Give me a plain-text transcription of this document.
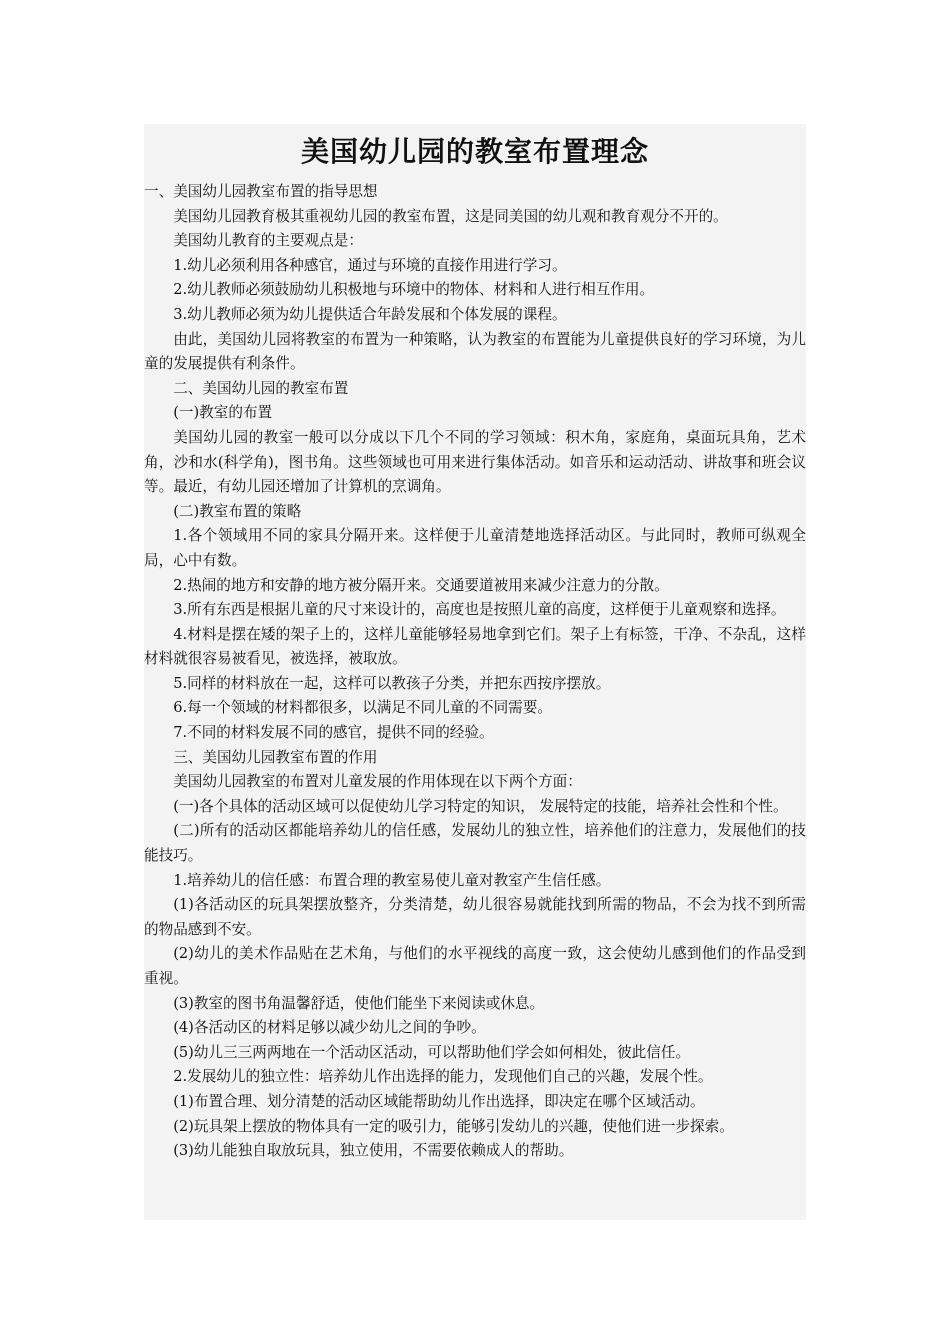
美国幼儿园的教室布置理念

一、美国幼儿园教室布置的指导思想

美国幼儿园教育极其重视幼儿园的教室布置，这是同美国的幼儿观和教育观分不开的。

美国幼儿教育的主要观点是：

1.幼儿必须利用各种感官，通过与环境的直接作用进行学习。

2.幼儿教师必须鼓励幼儿积极地与环境中的物体、材料和人进行相互作用。

3.幼儿教师必须为幼儿提供适合年龄发展和个体发展的课程。

由此，美国幼儿园将教室的布置为一种策略，认为教室的布置能为儿童提供良好的学习环境，为儿童的发展提供有利条件。

二、美国幼儿园的教室布置

(一)教室的布置

美国幼儿园的教室一般可以分成以下几个不同的学习领域：积木角，家庭角，桌面玩具角，艺术角，沙和水(科学角)，图书角。这些领域也可用来进行集体活动。如音乐和运动活动、讲故事和班会议等。最近，有幼儿园还增加了计算机的烹调角。

(二)教室布置的策略

1.各个领域用不同的家具分隔开来。这样便于儿童清楚地选择活动区。与此同时，教师可纵观全局，心中有数。

2.热闹的地方和安静的地方被分隔开来。交通要道被用来减少注意力的分散。

3.所有东西是根据儿童的尺寸来设计的，高度也是按照儿童的高度，这样便于儿童观察和选择。

4.材料是摆在矮的架子上的，这样儿童能够轻易地拿到它们。架子上有标签，干净、不杂乱，这样材料就很容易被看见，被选择，被取放。

5.同样的材料放在一起，这样可以教孩子分类，并把东西按序摆放。

6.每一个领域的材料都很多，以满足不同儿童的不同需要。

7.不同的材料发展不同的感官，提供不同的经验。

三、美国幼儿园教室布置的作用

美国幼儿园教室的布置对儿童发展的作用体现在以下两个方面：

(一)各个具体的活动区域可以促使幼儿学习特定的知识， 发展特定的技能，培养社会性和个性。

(二)所有的活动区都能培养幼儿的信任感，发展幼儿的独立性，培养他们的注意力，发展他们的技能技巧。

1.培养幼儿的信任感：布置合理的教室易使儿童对教室产生信任感。

(1)各活动区的玩具架摆放整齐，分类清楚，幼儿很容易就能找到所需的物品，不会为找不到所需的物品感到不安。

(2)幼儿的美术作品贴在艺术角，与他们的水平视线的高度一致，这会使幼儿感到他们的作品受到重视。

(3)教室的图书角温馨舒适，使他们能坐下来阅读或休息。

(4)各活动区的材料足够以减少幼儿之间的争吵。

(5)幼儿三三两两地在一个活动区活动，可以帮助他们学会如何相处，彼此信任。

2.发展幼儿的独立性：培养幼儿作出选择的能力，发现他们自己的兴趣，发展个性。

(1)布置合理、划分清楚的活动区域能帮助幼儿作出选择，即决定在哪个区域活动。

(2)玩具架上摆放的物体具有一定的吸引力，能够引发幼儿的兴趣，使他们进一步探索。

(3)幼儿能独自取放玩具，独立使用，不需要依赖成人的帮助。
